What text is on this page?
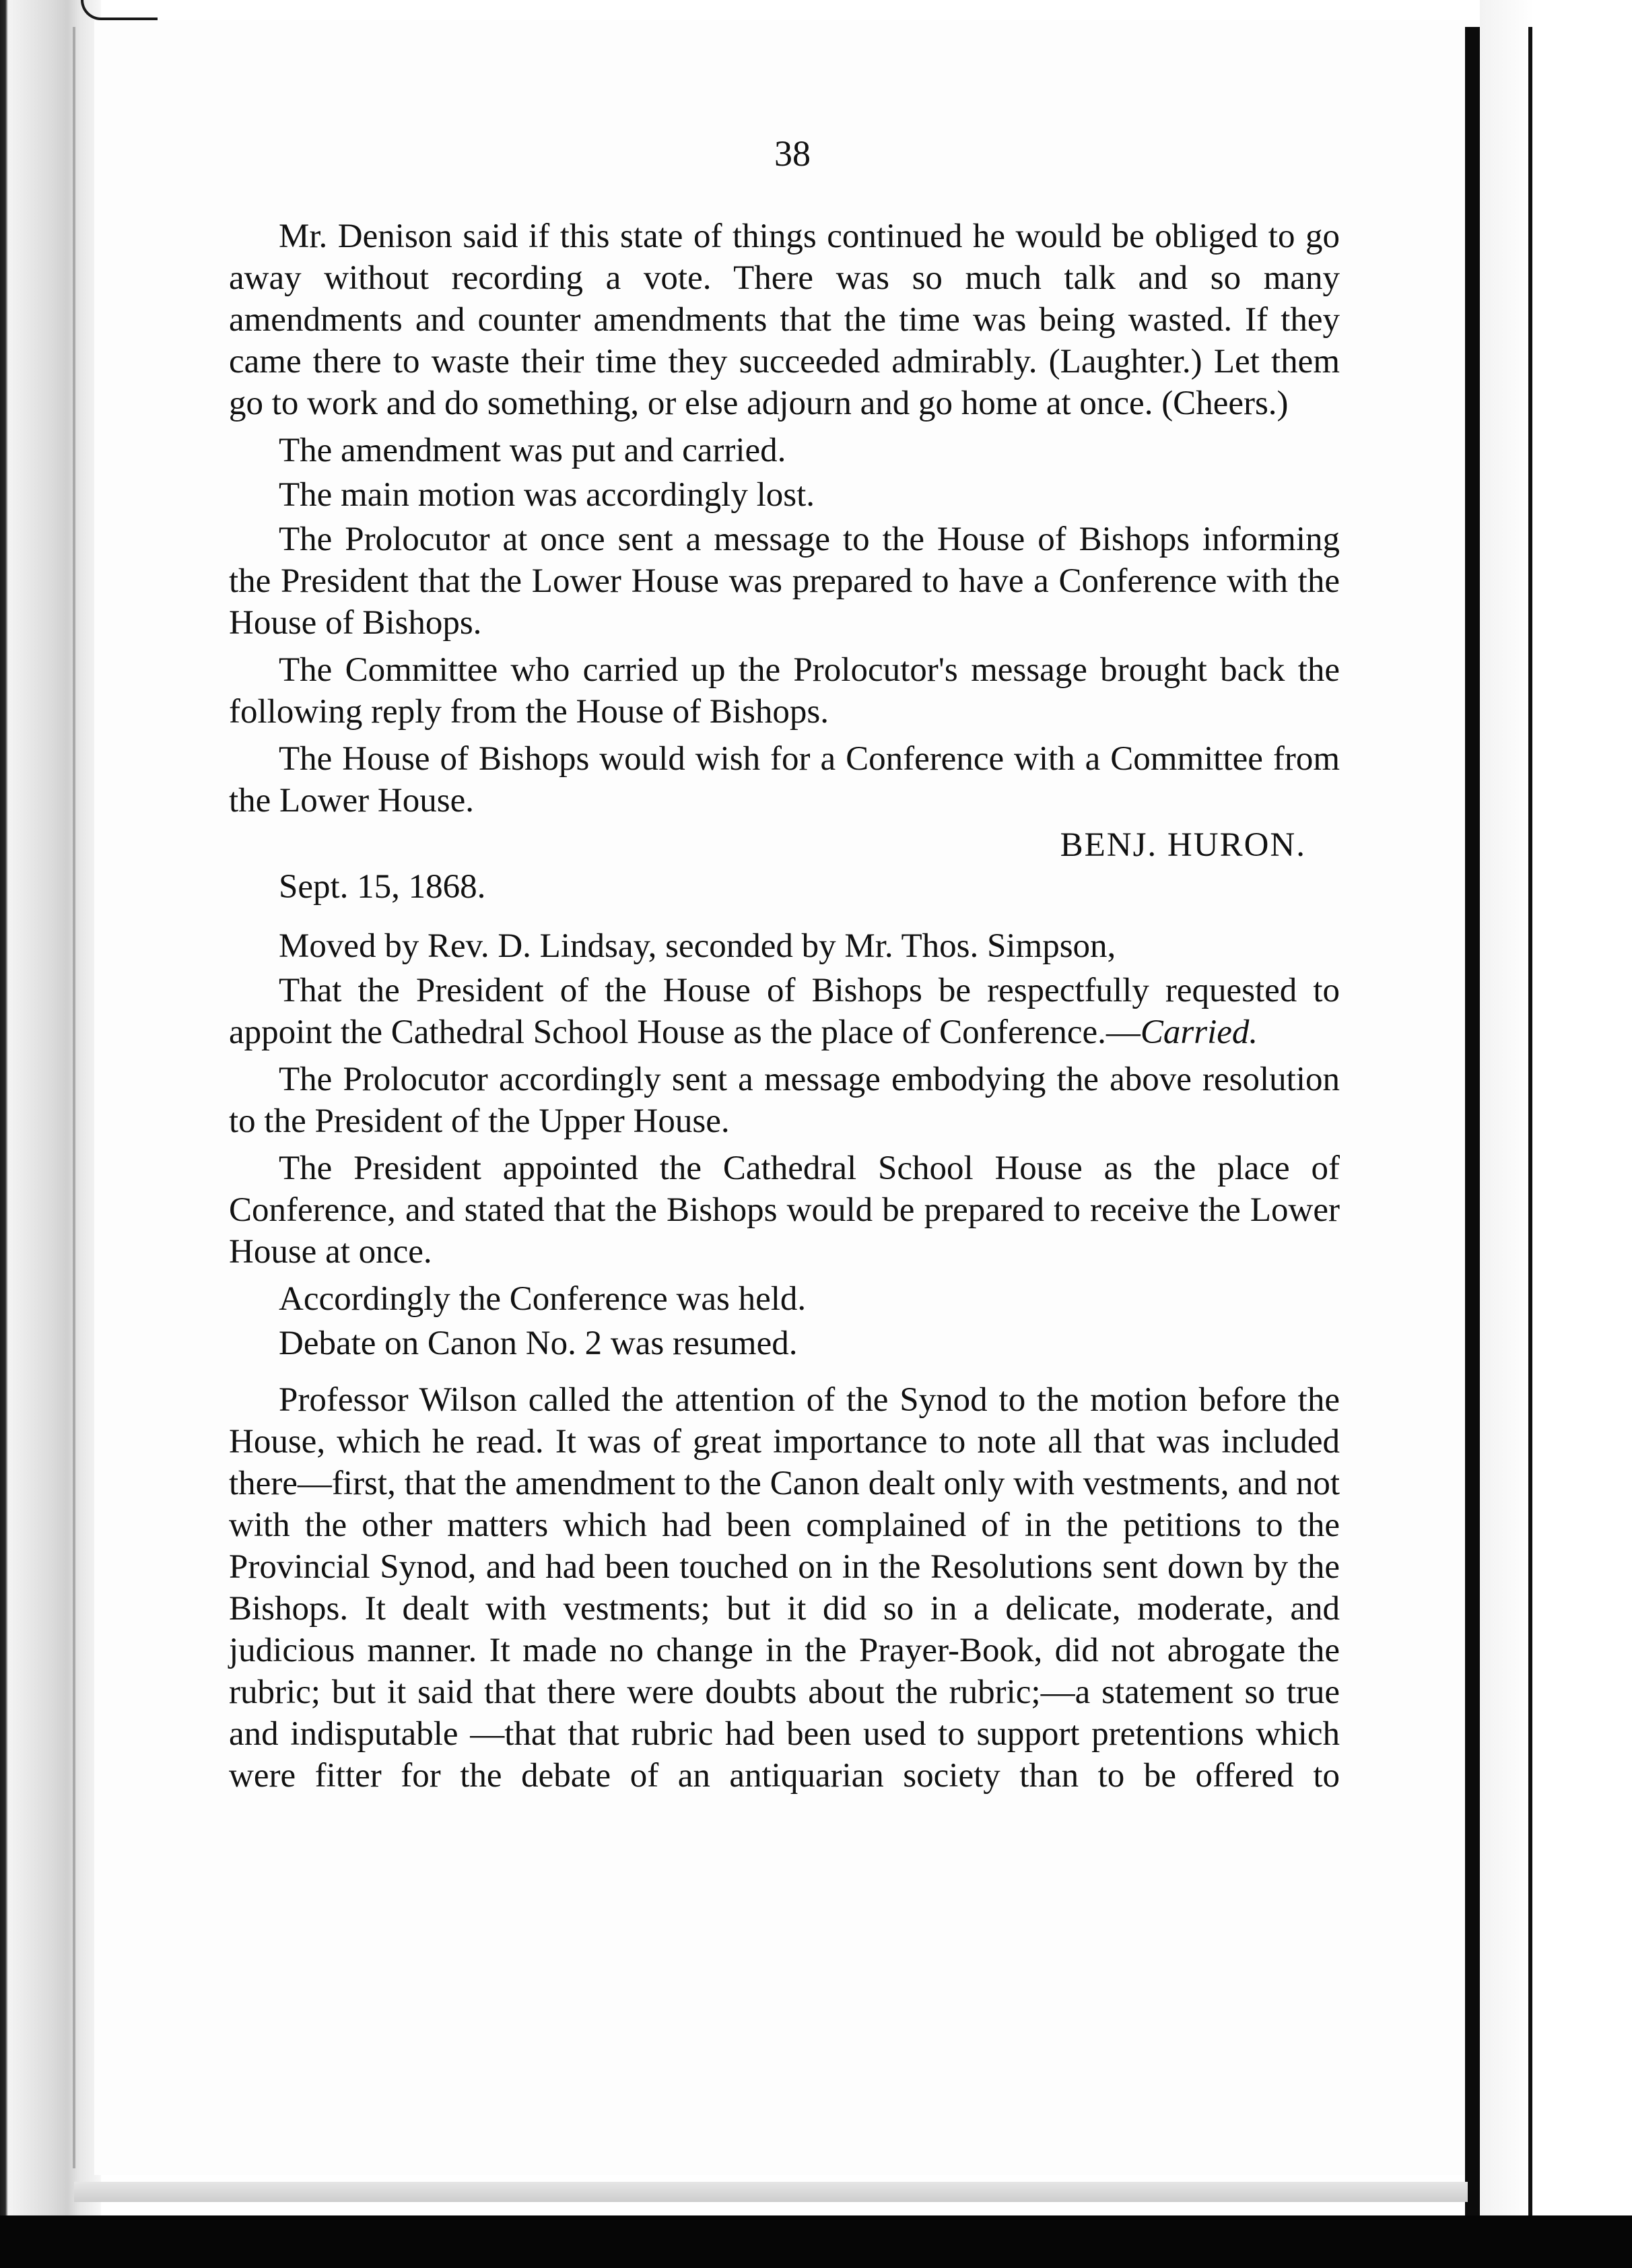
38

Mr. Denison said if this state of things continued he would be obliged to go away without recording a vote. There was so much talk and so many amendments and counter amendments that the time was being wasted. If they came there to waste their time they succeeded admirably. (Laughter.) Let them go to work and do something, or else adjourn and go home at once. (Cheers.)

The amendment was put and carried.

The main motion was accordingly lost.

The Prolocutor at once sent a message to the House of Bishops informing the President that the Lower House was prepared to have a Conference with the House of Bishops.

The Committee who carried up the Prolocutor's message brought back the following reply from the House of Bishops.

The House of Bishops would wish for a Conference with a Committee from the Lower House.

BENJ. HURON.

Sept. 15, 1868.

Moved by Rev. D. Lindsay, seconded by Mr. Thos. Simpson,

That the President of the House of Bishops be respectfully requested to appoint the Cathedral School House as the place of Conference.—Carried.

The Prolocutor accordingly sent a message embodying the above resolution to the President of the Upper House.

The President appointed the Cathedral School House as the place of Conference, and stated that the Bishops would be prepared to receive the Lower House at once.

Accordingly the Conference was held.

Debate on Canon No. 2 was resumed.

Professor Wilson called the attention of the Synod to the motion before the House, which he read. It was of great importance to note all that was included there—first, that the amendment to the Canon dealt only with vestments, and not with the other matters which had been complained of in the petitions to the Provincial Synod, and had been touched on in the Resolutions sent down by the Bishops. It dealt with vestments; but it did so in a delicate, moderate, and judicious manner. It made no change in the Prayer-Book, did not abrogate the rubric; but it said that there were doubts about the rubric;—a statement so true and indisputable —that that rubric had been used to support pretentions which were fitter for the debate of an antiquarian society than to be offered to
